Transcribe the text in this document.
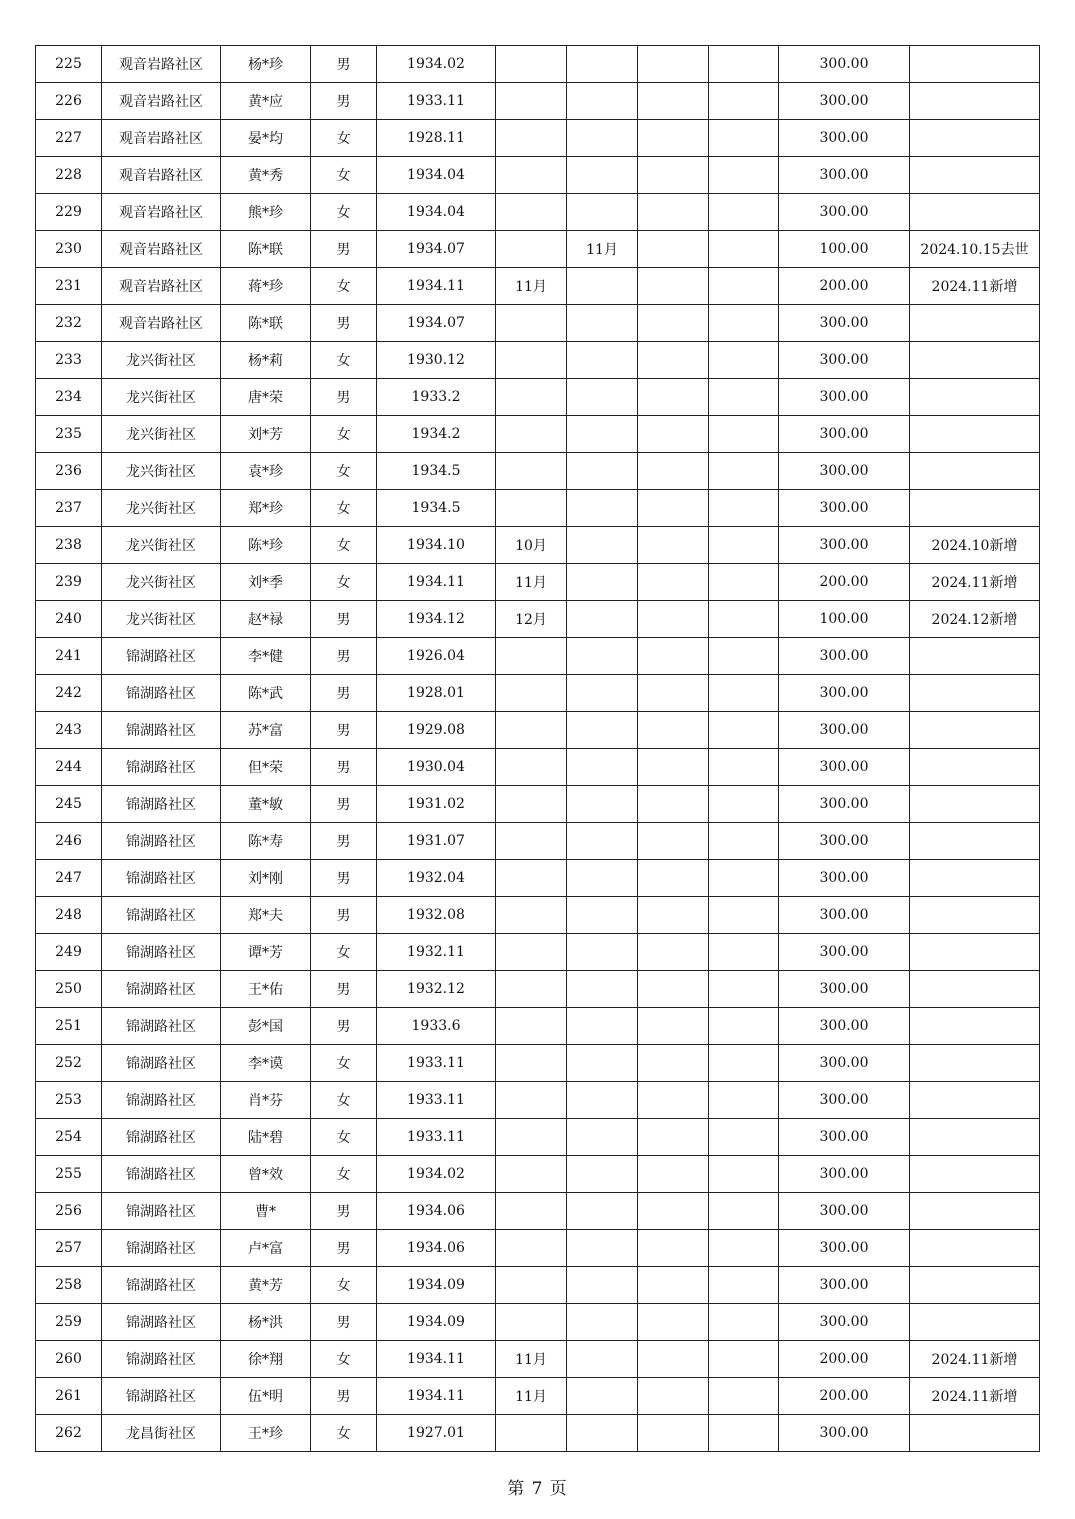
225	观音岩路社区	杨*珍	男	1934.02					300.00	
226	观音岩路社区	黄*应	男	1933.11					300.00	
227	观音岩路社区	晏*均	女	1928.11					300.00	
228	观音岩路社区	黄*秀	女	1934.04					300.00	
229	观音岩路社区	熊*珍	女	1934.04					300.00	
230	观音岩路社区	陈*联	男	1934.07		11月			100.00	2024.10.15去世
231	观音岩路社区	蒋*珍	女	1934.11	11月				200.00	2024.11新增
232	观音岩路社区	陈*联	男	1934.07					300.00	
233	龙兴街社区	杨*莉	女	1930.12					300.00	
234	龙兴街社区	唐*荣	男	1933.2					300.00	
235	龙兴街社区	刘*芳	女	1934.2					300.00	
236	龙兴街社区	袁*珍	女	1934.5					300.00	
237	龙兴街社区	郑*珍	女	1934.5					300.00	
238	龙兴街社区	陈*珍	女	1934.10	10月				300.00	2024.10新增
239	龙兴街社区	刘*季	女	1934.11	11月				200.00	2024.11新增
240	龙兴街社区	赵*禄	男	1934.12	12月				100.00	2024.12新增
241	锦湖路社区	李*健	男	1926.04					300.00	
242	锦湖路社区	陈*武	男	1928.01					300.00	
243	锦湖路社区	苏*富	男	1929.08					300.00	
244	锦湖路社区	但*荣	男	1930.04					300.00	
245	锦湖路社区	董*敏	男	1931.02					300.00	
246	锦湖路社区	陈*寿	男	1931.07					300.00	
247	锦湖路社区	刘*刚	男	1932.04					300.00	
248	锦湖路社区	郑*夫	男	1932.08					300.00	
249	锦湖路社区	谭*芳	女	1932.11					300.00	
250	锦湖路社区	王*佑	男	1932.12					300.00	
251	锦湖路社区	彭*国	男	1933.6					300.00	
252	锦湖路社区	李*谟	女	1933.11					300.00	
253	锦湖路社区	肖*芬	女	1933.11					300.00	
254	锦湖路社区	陆*碧	女	1933.11					300.00	
255	锦湖路社区	曾*效	女	1934.02					300.00	
256	锦湖路社区	曹*	男	1934.06					300.00	
257	锦湖路社区	卢*富	男	1934.06					300.00	
258	锦湖路社区	黄*芳	女	1934.09					300.00	
259	锦湖路社区	杨*洪	男	1934.09					300.00	
260	锦湖路社区	徐*翔	女	1934.11	11月				200.00	2024.11新增
261	锦湖路社区	伍*明	男	1934.11	11月				200.00	2024.11新增
262	龙昌街社区	王*珍	女	1927.01					300.00	
第 7 页
